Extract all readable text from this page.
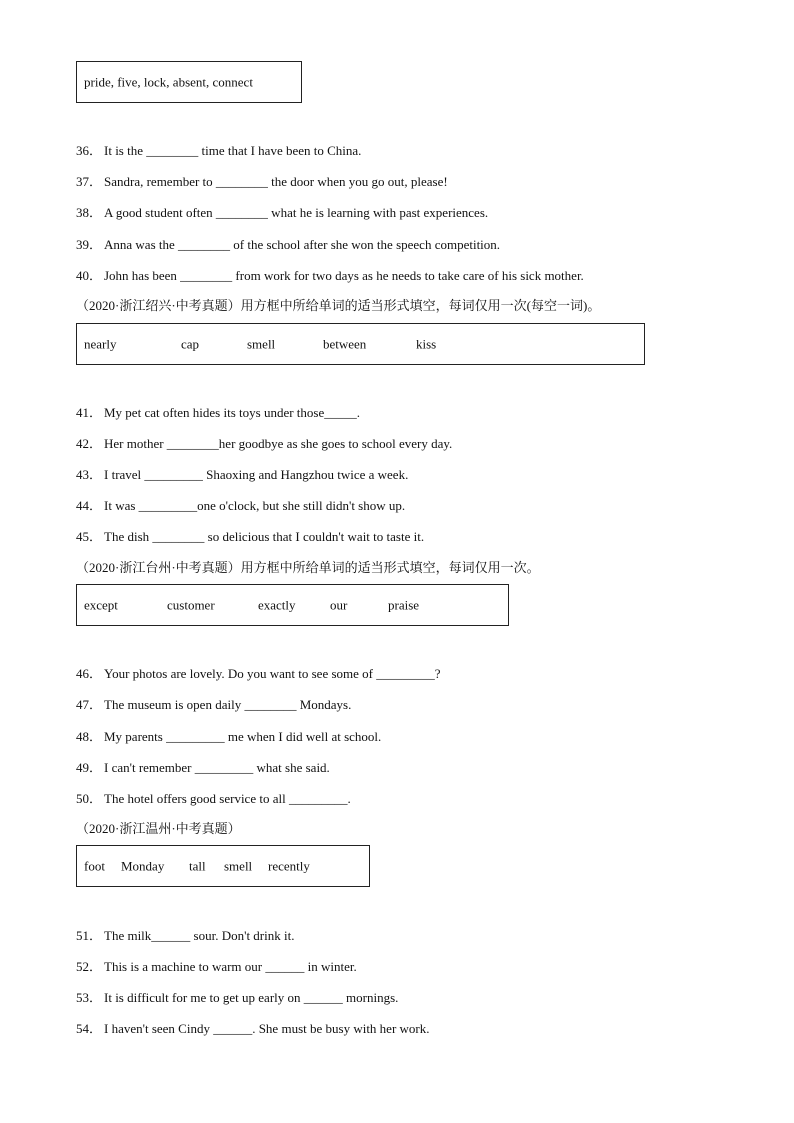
pride, five, lock, absent, connect
36． It is the ________ time that I have been to China.
37． Sandra, remember to ________ the door when you go out, please!
38． A good student often ________ what he is learning with past experiences.
39． Anna was the ________ of the school after she won the speech competition.
40． John has been ________ from work for two days as he needs to take care of his sick mother.
（2020·浙江绍兴·中考真题）用方框中所给单词的适当形式填空，每词仅用一次(每空一词)。
nearly	cap	smell	between	kiss
41． My pet cat often hides its toys under those_____.
42． Her mother ________her goodbye as she goes to school every day.
43． I travel _________ Shaoxing and Hangzhou twice a week.
44． It was _________one o'clock, but she still didn't show up.
45． The dish ________ so delicious that I couldn't wait to taste it.
（2020·浙江台州·中考真题）用方框中所给单词的适当形式填空，每词仅用一次。
except	customer	exactly	our	praise
46． Your photos are lovely. Do you want to see some of _________?
47． The museum is open daily ________ Mondays.
48． My parents _________ me when I did well at school.
49． I can't remember _________ what she said.
50． The hotel offers good service to all _________.
（2020·浙江温州·中考真题）
foot Monday tall smell recently
51． The milk______ sour. Don't drink it.
52． This is a machine to warm our ______ in winter.
53． It is difficult for me to get up early on ______ mornings.
54． I haven't seen Cindy ______. She must be busy with her work.
